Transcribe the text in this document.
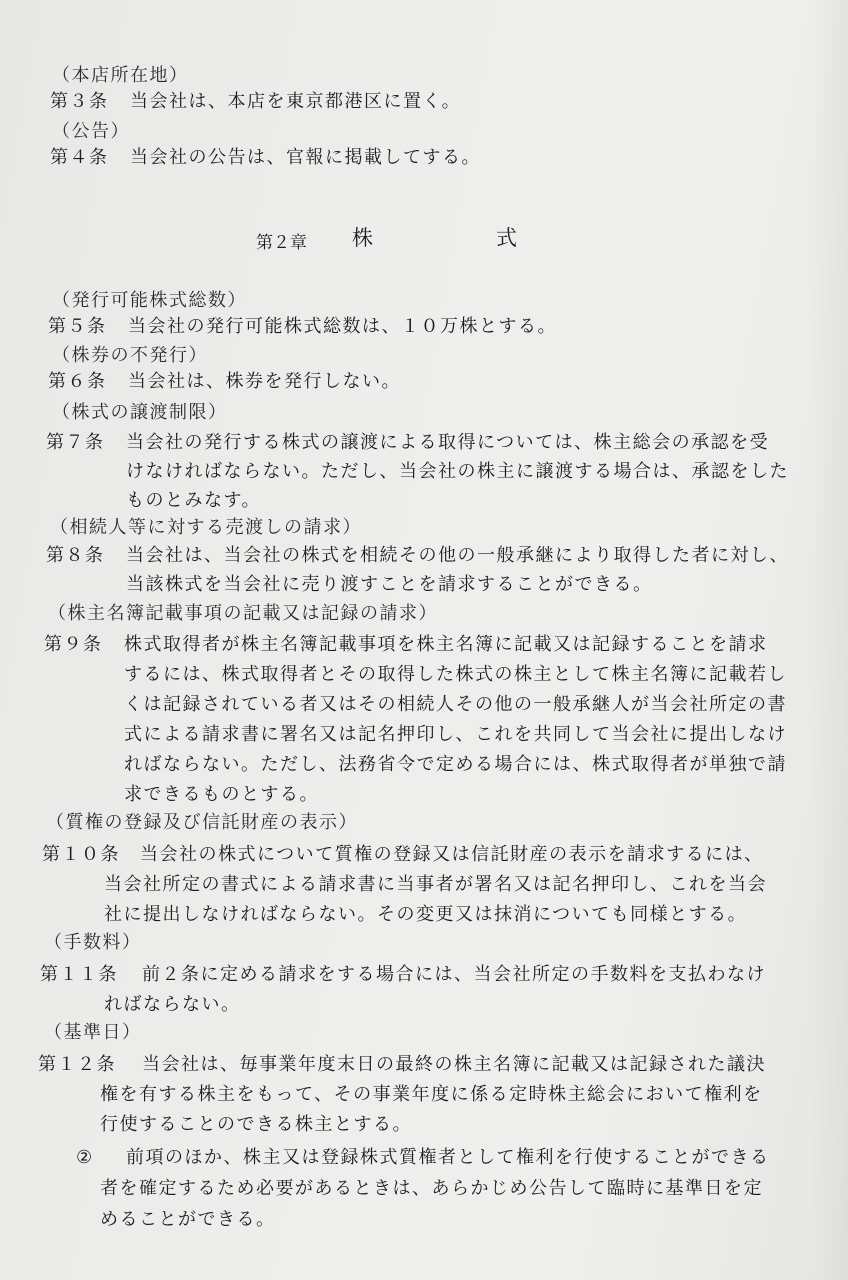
（本店所在地）
第３条 当会社は、本店を東京都港区に置く。
（公告）
第４条 当会社の公告は、官報に掲載してする。
第２章 株	式
（発行可能株式総数）
第５条 当会社の発行可能株式総数は、１０万株とする。
（株券の不発行）
第６条 当会社は、株券を発行しない。
（株式の譲渡制限）
第７条 当会社の発行する株式の譲渡による取得については、株主総会の承認を受
けなければならない。ただし、当会社の株主に譲渡する場合は、承認をした
ものとみなす。
（相続人等に対する売渡しの請求）
第８条 当会社は、当会社の株式を相続その他の一般承継により取得した者に対し、
当該株式を当会社に売り渡すことを請求することができる。
（株主名簿記載事項の記載又は記録の請求）
第９条 株式取得者が株主名簿記載事項を株主名簿に記載又は記録することを請求
するには、株式取得者とその取得した株式の株主として株主名簿に記載若し
くは記録されている者又はその相続人その他の一般承継人が当会社所定の書
式による請求書に署名又は記名押印し、これを共同して当会社に提出しなけ
ればならない。ただし、法務省令で定める場合には、株式取得者が単独で請
求できるものとする。
（質権の登録及び信託財産の表示）
第１０条 当会社の株式について質権の登録又は信託財産の表示を請求するには、
当会社所定の書式による請求書に当事者が署名又は記名押印し、これを当会
社に提出しなければならない。その変更又は抹消についても同様とする。
（手数料）
第１１条 前２条に定める請求をする場合には、当会社所定の手数料を支払わなけ
ればならない。
（基準日）
第１２条 当会社は、毎事業年度末日の最終の株主名簿に記載又は記録された議決
権を有する株主をもって、その事業年度に係る定時株主総会において権利を
行使することのできる株主とする。
② 前項のほか、株主又は登録株式質権者として権利を行使することができる
者を確定するため必要があるときは、あらかじめ公告して臨時に基準日を定
めることができる。
